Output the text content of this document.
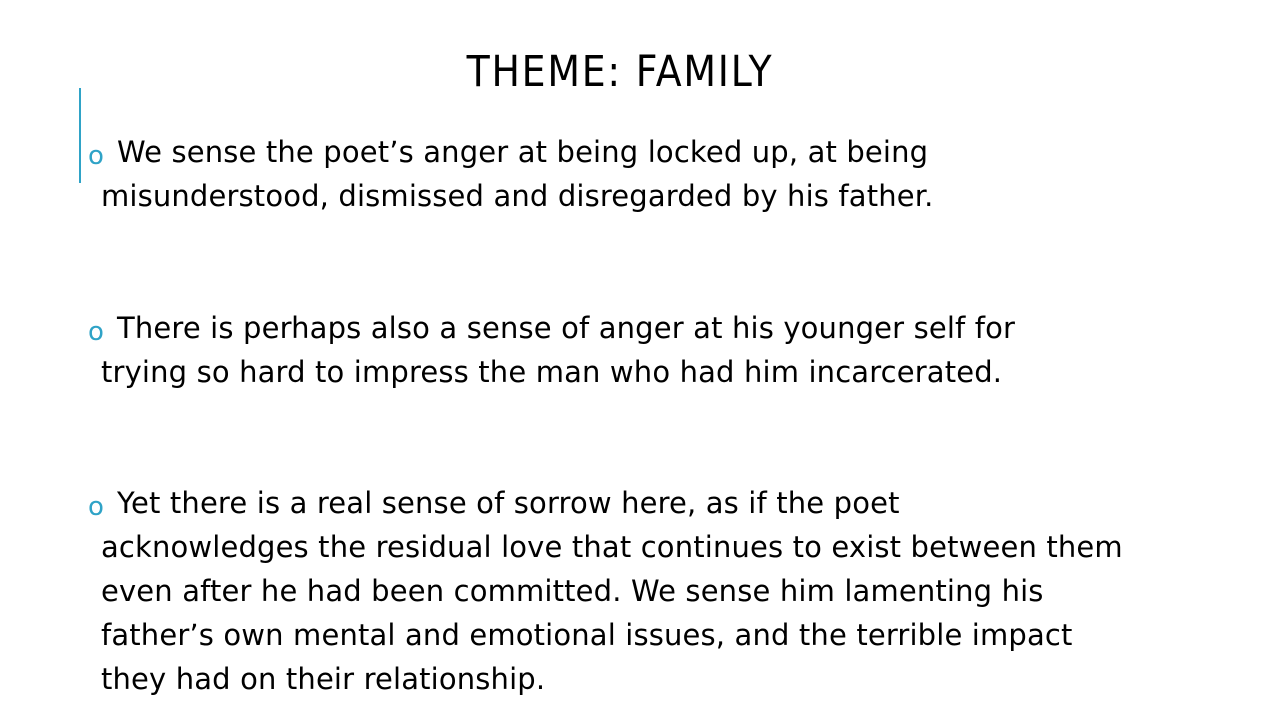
THEME: FAMILY
o We sense the poet’s anger at being locked up, at being
misunderstood, dismissed and disregarded by his father.
o There is perhaps also a sense of anger at his younger self for
trying so hard to impress the man who had him incarcerated.
o Yet there is a real sense of sorrow here, as if the poet
acknowledges the residual love that continues to exist between them
even after he had been committed. We sense him lamenting his
father’s own mental and emotional issues, and the terrible impact
they had on their relationship.
